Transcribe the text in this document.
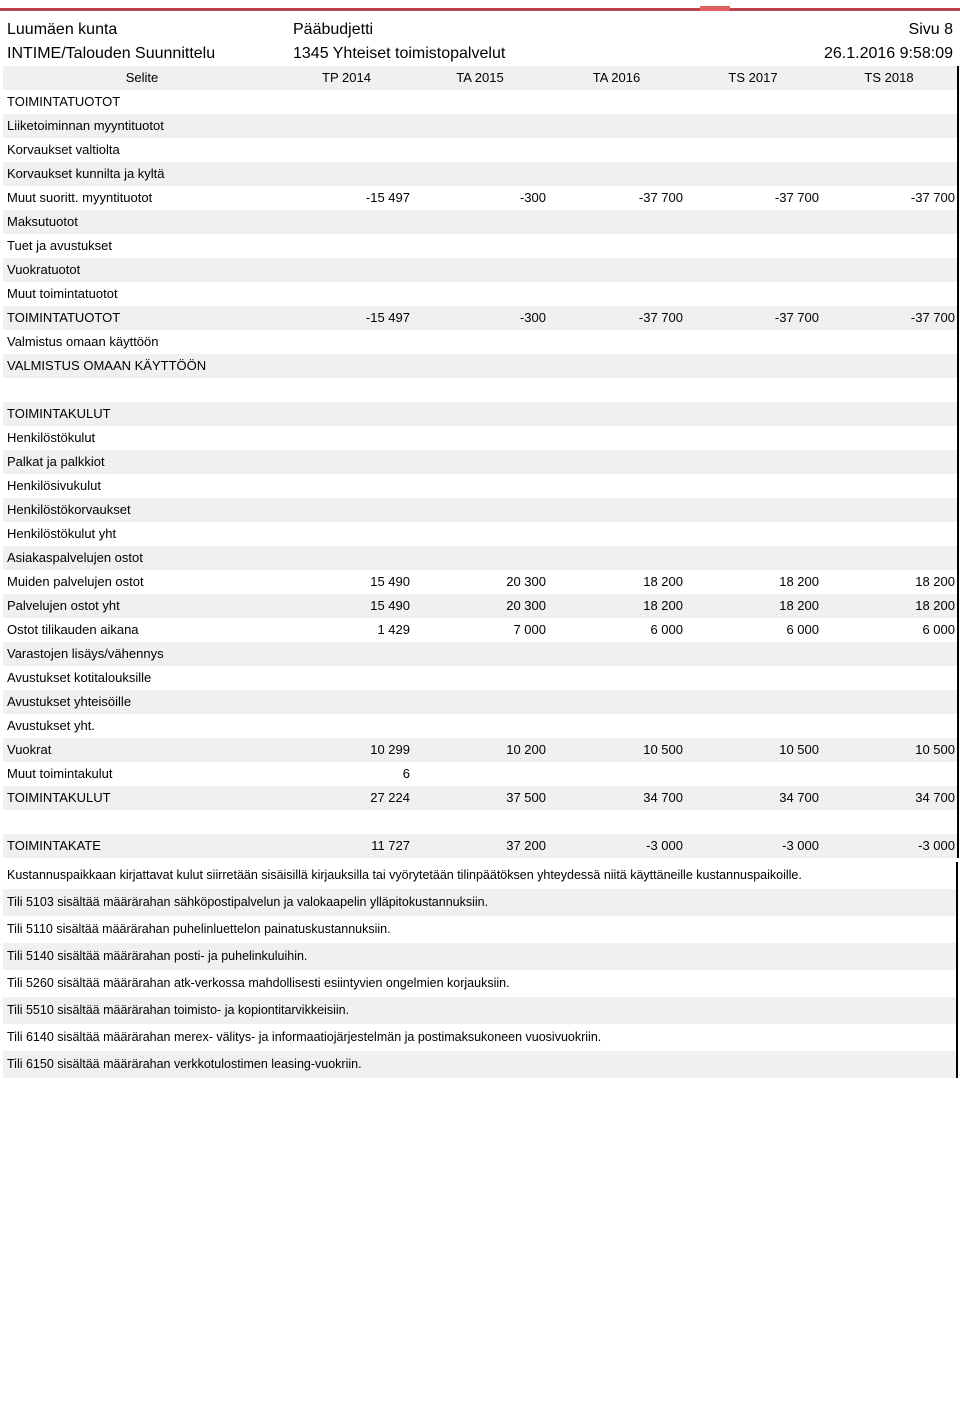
Luumäen kunta	Pääbudjetti	Sivu 8
INTIME/Talouden Suunnittelu	1345 Yhteiset toimistopalvelut	26.1.2016 9:58:09
Selite	TP 2014	TA 2015	TA 2016	TS 2017	TS 2018
TOIMINTATUOTOT					
Liiketoiminnan myyntituotot					
Korvaukset valtiolta					
Korvaukset kunnilta ja kyltä					
Muut suoritt. myyntituotot	-15 497	-300	-37 700	-37 700	-37 700
Maksutuotot					
Tuet ja avustukset					
Vuokratuotot					
Muut toimintatuotot					
TOIMINTATUOTOT	-15 497	-300	-37 700	-37 700	-37 700
Valmistus omaan käyttöön					
VALMISTUS OMAAN KÄYTTÖÖN					

TOIMINTAKULUT					
Henkilöstökulut					
Palkat ja palkkiot					
Henkilösivukulut					
Henkilöstökorvaukset					
Henkilöstökulut yht					
Asiakaspalvelujen ostot					
Muiden palvelujen ostot	15 490	20 300	18 200	18 200	18 200
Palvelujen ostot yht	15 490	20 300	18 200	18 200	18 200
Ostot tilikauden aikana	1 429	7 000	6 000	6 000	6 000
Varastojen lisäys/vähennys					
Avustukset kotitalouksille					
Avustukset yhteisöille					
Avustukset yht.					
Vuokrat	10 299	10 200	10 500	10 500	10 500
Muut toimintakulut	6				
TOIMINTAKULUT	27 224	37 500	34 700	34 700	34 700

TOIMINTAKATE	11 727	37 200	-3 000	-3 000	-3 000
Kustannuspaikkaan kirjattavat kulut siirretään sisäisillä kirjauksilla tai vyörytetään tilinpäätöksen yhteydessä niitä käyttäneille kustannuspaikoille.
Tili 5103 sisältää määrärahan sähköpostipalvelun ja valokaapelin ylläpitokustannuksiin.
Tili 5110 sisältää määrärahan puhelinluettelon painatuskustannuksiin.
Tili 5140 sisältää määrärahan posti- ja puhelinkuluihin.
Tili 5260 sisältää määrärahan atk-verkossa mahdollisesti esiintyvien ongelmien korjauksiin.
Tili 5510 sisältää määrärahan toimisto- ja kopiontitarvikkeisiin.
Tili 6140 sisältää määrärahan merex- välitys- ja informaatiojärjestelmän ja postimaksukoneen vuosivuokriin.
Tili 6150 sisältää määrärahan verkkotulostimen leasing-vuokriin.
